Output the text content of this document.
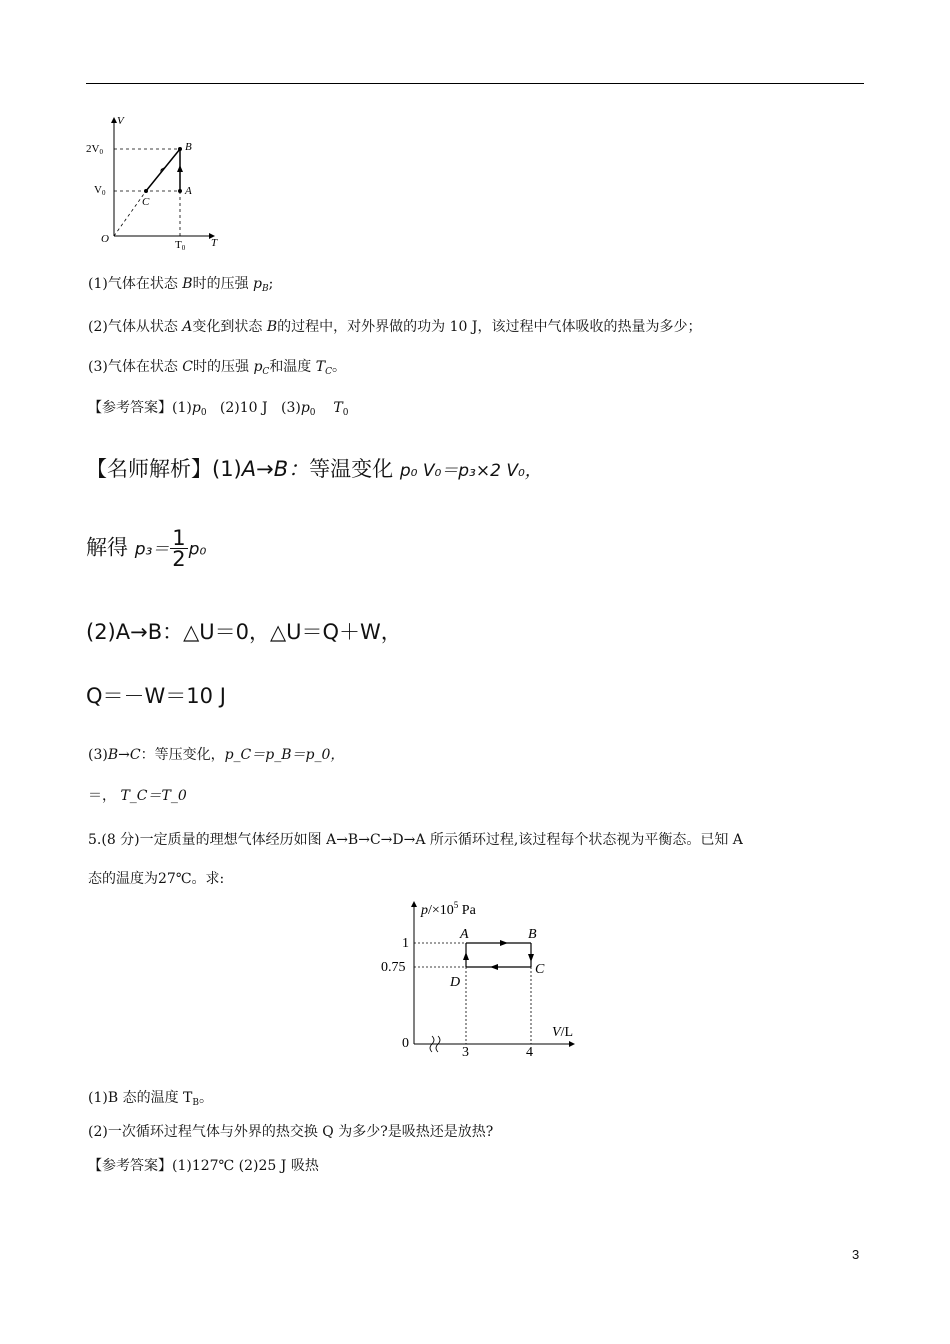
V
T
O
B
A
C
2V0
V0
T0
(1)气体在状态 B时的压强 $p_B$;
(2)气体从状态 A变化到状态 B的过程中，对外界做的功为 10 J，该过程中气体吸收的热量为多少；
(3)气体在状态 C时的压强 $p_C$和温度 $T_C$。
【参考答案】$(1)p_0$ (2)10 J $(3)p_0$ $T_0$
【名师解析】(1)A→B：等温变化 p₀ V₀＝p₃×2 V₀，
解得 $p_3= \frac{1}{2} p_0$
(2)A→B：△U＝0，△U＝Q＋W，
Q＝－W＝10 J
(3)B→C：等压变化，p_C＝p_B＝p_0，
＝， T_C＝T_0
5.(8 分)一定质量的理想气体经历如图 A→B→C→D→A 所示循环过程,该过程每个状态视为平衡态。已知 A
态的温度为27℃。求:
$p/\times 10^5$ Pa
V/L
0
1
0.75
3	4
A	B
C
D
(1)B 态的温度 $T_B$。
(2)一次循环过程气体与外界的热交换 Q 为多少?是吸热还是放热?
【参考答案】(1)127℃ (2)25 J 吸热
3
